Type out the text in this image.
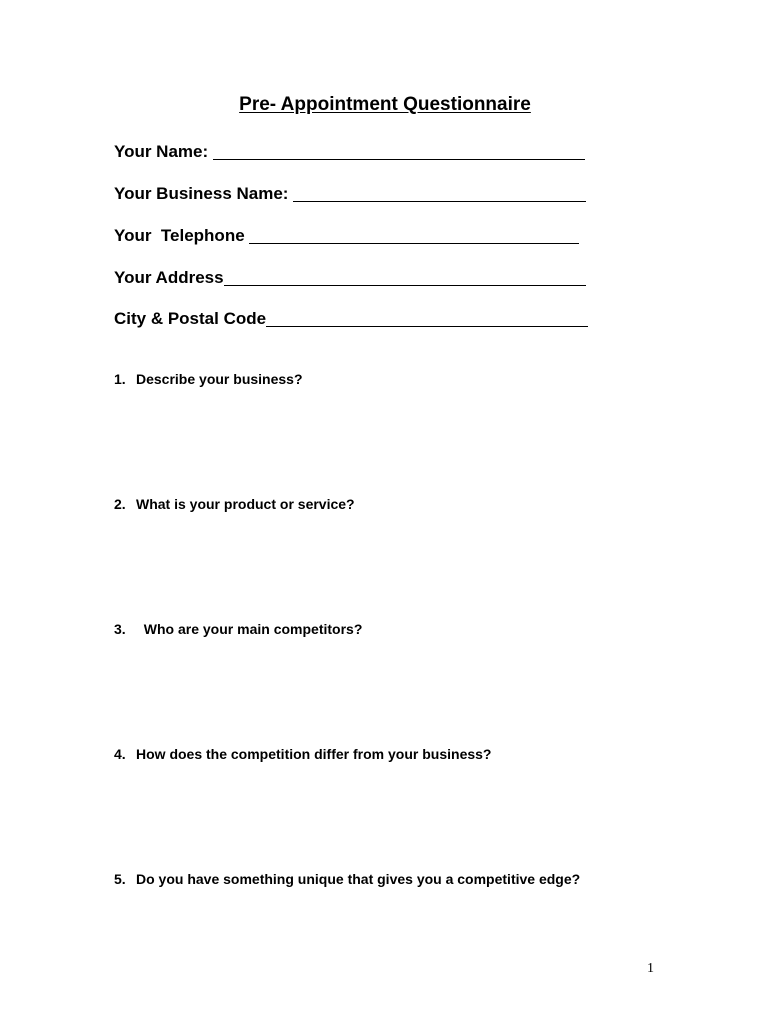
Pre- Appointment Questionnaire
Your Name:
Your Business Name:
Your  Telephone
Your Address
City & Postal Code
1. Describe your business?
2. What is your product or service?
3. Who are your main competitors?
4. How does the competition differ from your business?
5. Do you have something unique that gives you a competitive edge?
1
